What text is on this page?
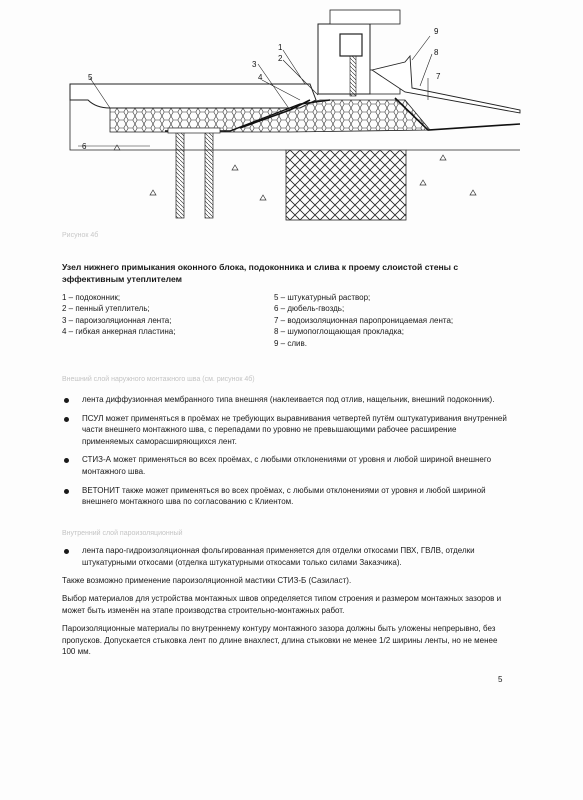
1
2
3
4
5
6
7
8
9
Рисунок 4б
Узел нижнего примыкания оконного блока, подоконника и слива к проему слоистой стены с эффективным утеплителем
1 – подоконник;
2 – пенный утеплитель;
3 – пароизоляционная лента;
4 – гибкая анкерная пластина;
5 – штукатурный раствор;
6 – дюбель-гвоздь;
7 – водоизоляционная паропроницаемая лента;
8 – шумопоглощающая прокладка;
9 – слив.
Внешний слой наружного монтажного шва (см. рисунок 4б)

лента диффузионная мембранного типа внешняя (наклеивается под отлив, нащельник, внешний подоконник).

ПСУЛ может применяться в проёмах не требующих выравнивания четвертей путём оштукатуривания внутренней части внешнего монтажного шва, с перепадами по уровню не превышающими рабочее расширение применяемых саморасширяющихся лент.

СТИЗ-А может применяться во всех проёмах, с любыми отклонениями от уровня и любой шириной внешнего монтажного шва.

ВЕТОНИТ также может применяться во всех проёмах, с любыми отклонениями от уровня и любой шириной внешнего монтажного шва по согласованию с Клиентом.

Внутренний слой пароизоляционный

лента паро-гидроизоляционная фольгированная применяется для отделки откосами ПВХ, ГВЛВ, отделки штукатурными откосами (отделка штукатурными откосами только силами Заказчика).

Также возможно применение пароизоляционной мастики СТИЗ-Б (Сазиласт).
Выбор материалов для устройства монтажных швов определяется типом строения и размером монтажных зазоров и может быть изменён на этапе производства строительно-монтажных работ.
Пароизоляционные материалы по внутреннему контуру монтажного зазора должны быть уложены непрерывно, без пропусков. Допускается стыковка лент по длине внахлест, длина стыковки не менее 1/2 ширины ленты, но не менее 100 мм.
5
